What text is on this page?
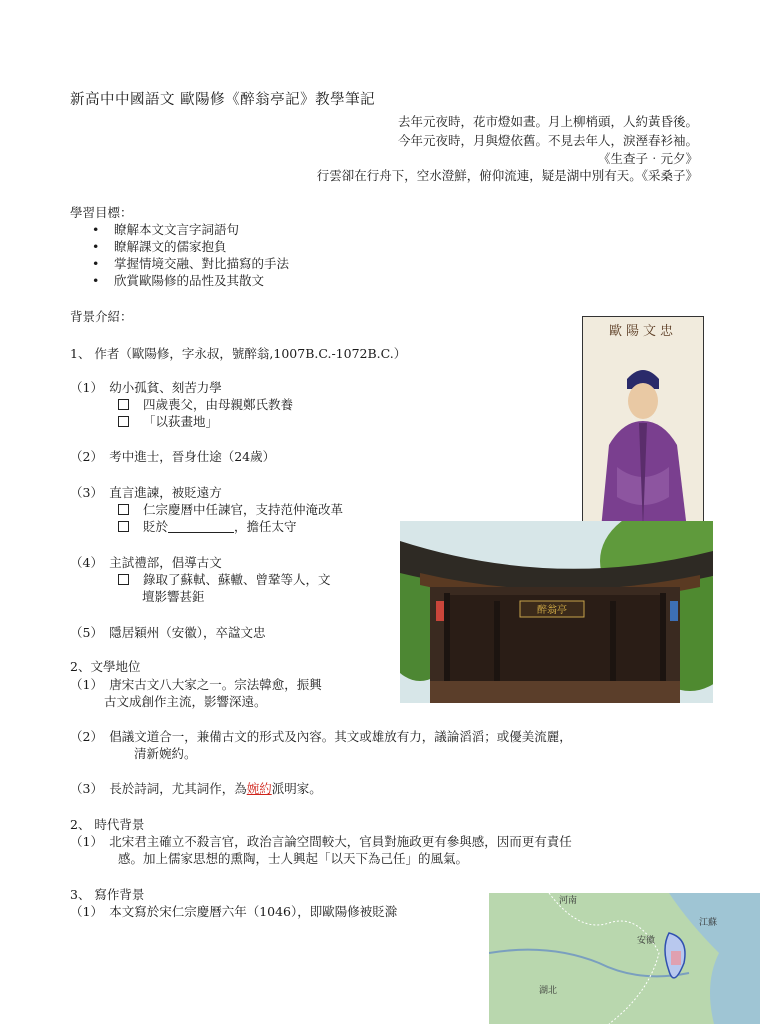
新高中中國語文 歐陽修《醉翁亭記》教學筆記
去年元夜時，花市燈如晝。月上柳梢頭，人約黃昏後。
今年元夜時，月與燈依舊。不見去年人，淚溼春衫袖。
《生查子‧元夕》
行雲卻在行舟下，空水澄鮮，俯仰流連，疑是湖中別有天。《采桑子》
學習目標：
• 瞭解本文文言字詞語句
• 瞭解課文的儒家抱負
• 掌握情境交融、對比描寫的手法
• 欣賞歐陽修的品性及其散文
背景介紹：
1、 作者（歐陽修，字永叔，號醉翁,1007B.C.-1072B.C.）
（1）　幼小孤貧、刻苦力學
四歲喪父，由母親鄭氏教養
「以荻畫地」
（2）　考中進士，晉身仕途（24歲）
（3）　直言進諫，被貶遠方
仁宗慶曆中任諫官，支持范仲淹改革
貶於	，擔任太守
（4）　主試禮部，倡導古文
錄取了蘇軾、蘇轍、曾鞏等人，文
壇影響甚鉅
（5）　隱居穎州（安徽），卒諡文忠
2、文學地位
（1）　唐宋古文八大家之一。宗法韓愈，振興
古文成創作主流，影響深遠。
（2）　倡議文道合一，兼備古文的形式及內容。其文或雄放有力，議論滔滔；或優美流麗，
清新婉約。
（3）　長於詩詞，尤其詞作，為婉約派明家。
2、 時代背景
（1）　北宋君主確立不殺言官，政治言論空間較大，官員對施政更有參與感，因而更有責任
感。加上儒家思想的熏陶，士人興起「以天下為己任」的風氣。
3、 寫作背景
（1）　本文寫於宋仁宗慶曆六年（1046），即歐陽修被貶滁
歐陽文忠
醉翁亭
河南
江蘇
安徽
湖北
